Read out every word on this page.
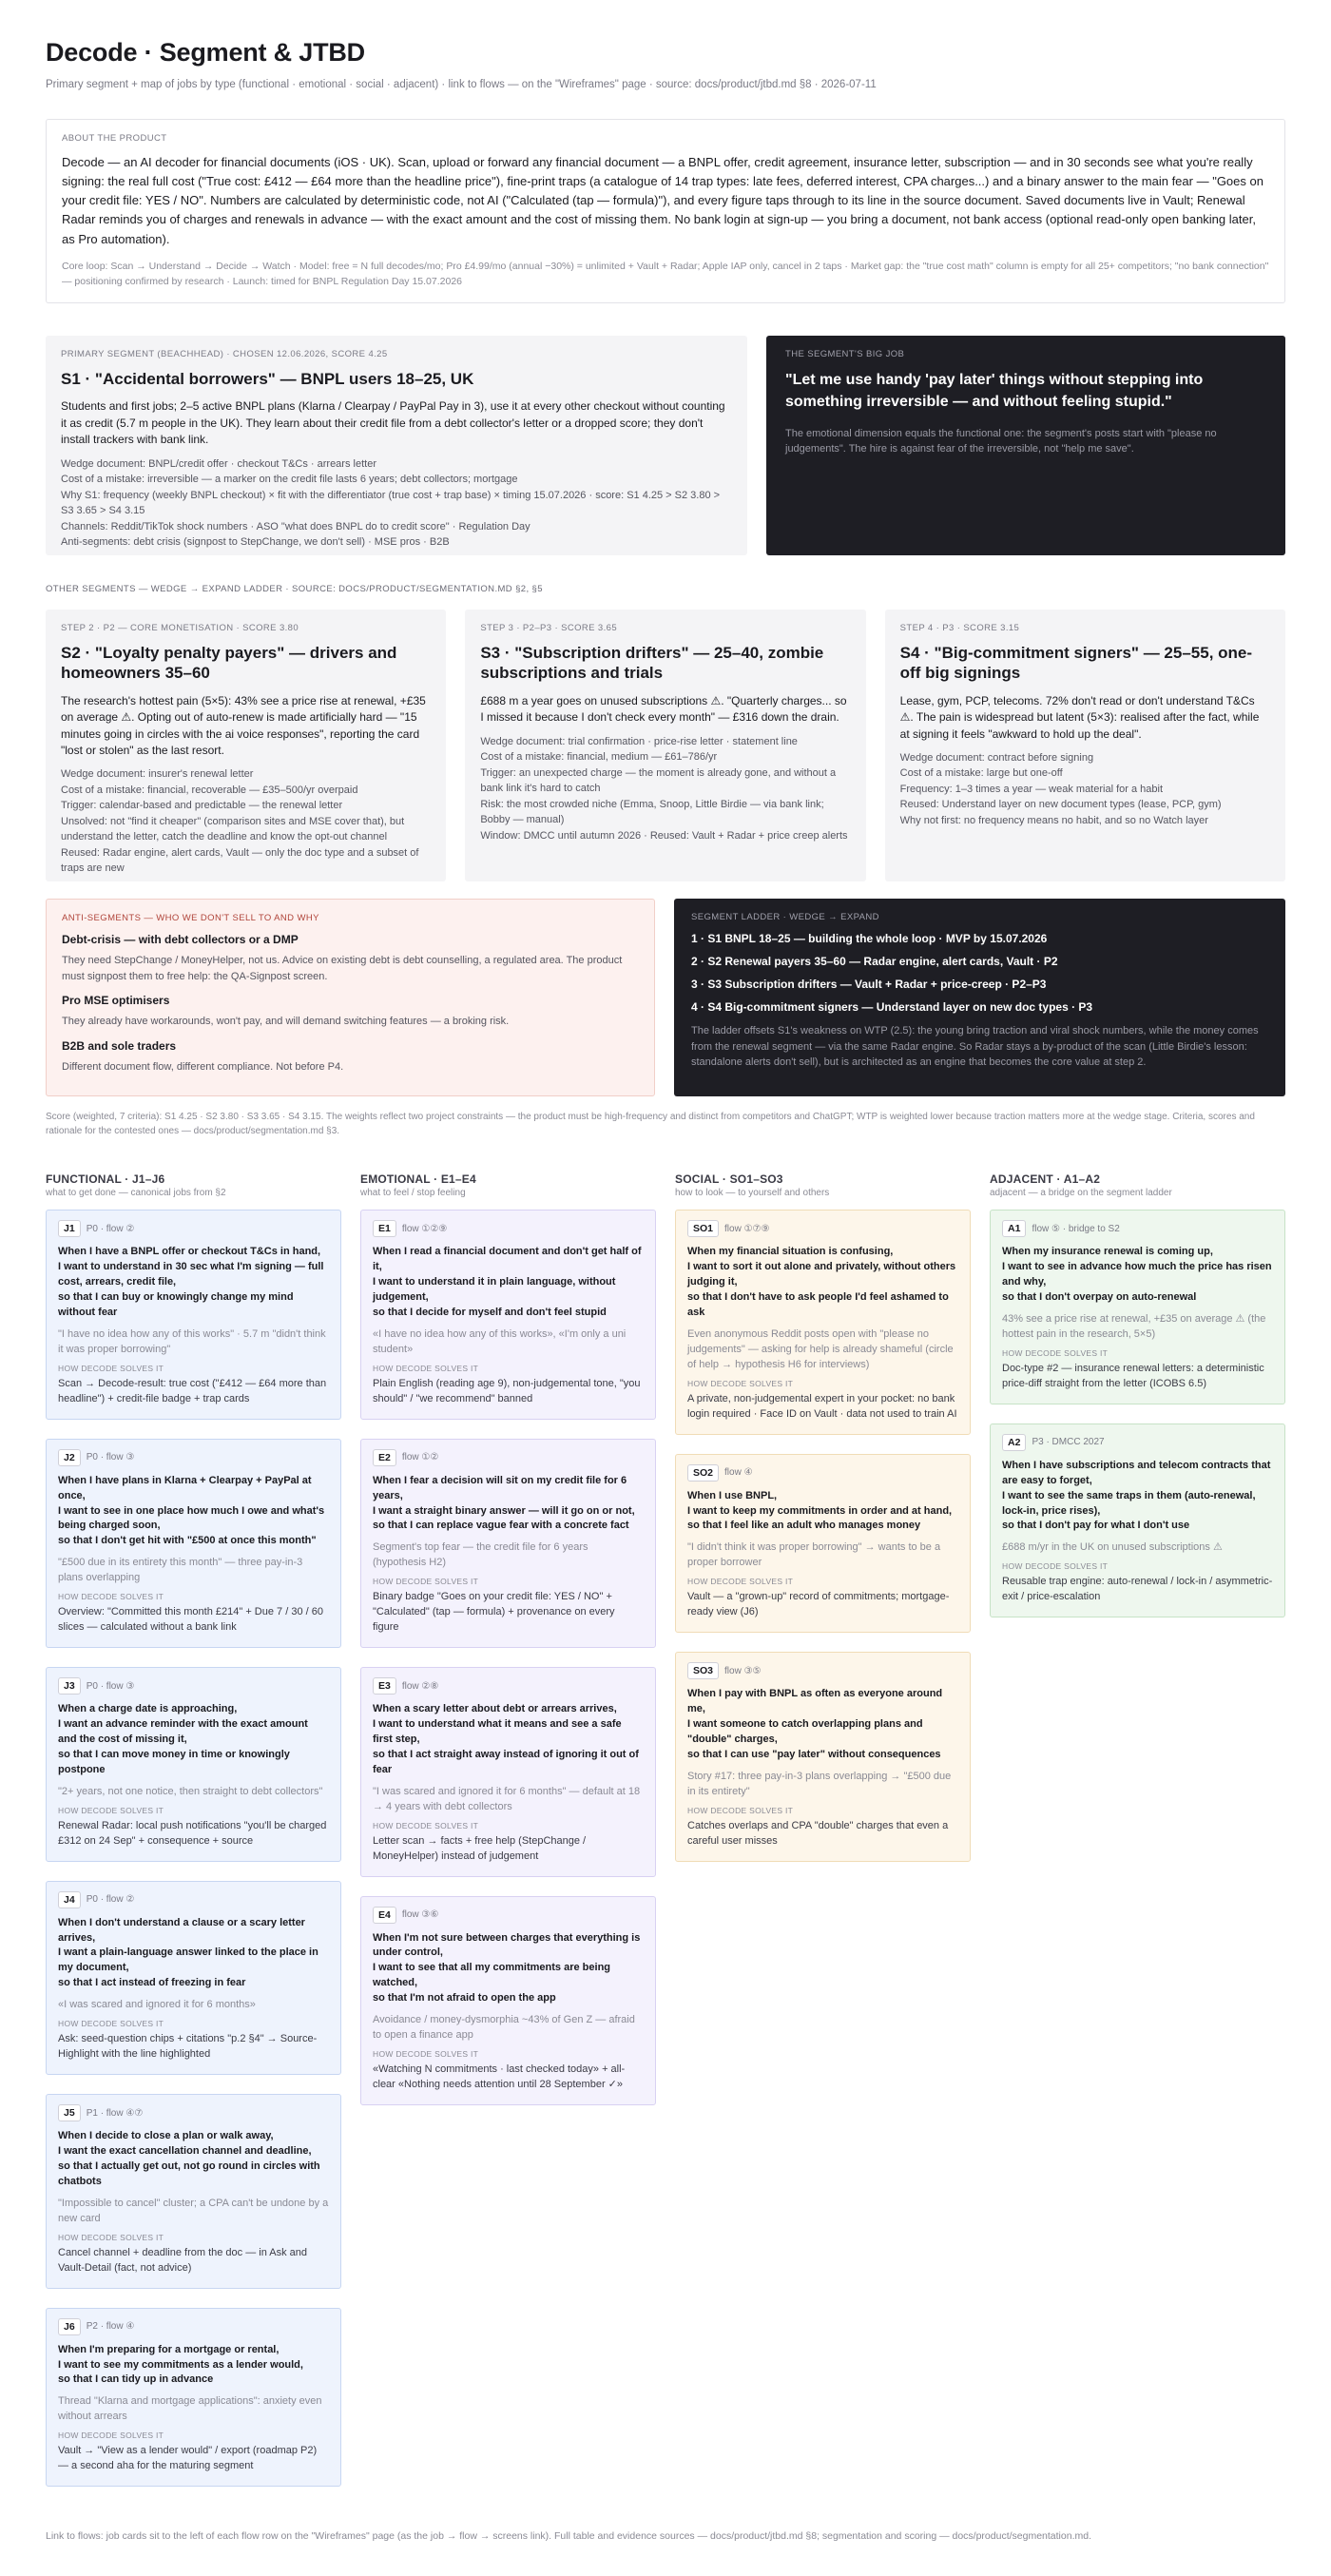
Decode · Segment & JTBD
Primary segment + map of jobs by type (functional · emotional · social · adjacent) · link to flows — on the "Wireframes" page · source: docs/product/jtbd.md §8 · 2026-07-11
ABOUT THE PRODUCT
Decode — an AI decoder for financial documents (iOS · UK). Scan, upload or forward any financial document — a BNPL offer, credit agreement, insurance letter, subscription — and in 30 seconds see what you're really signing: the real full cost ("True cost: £412 — £64 more than the headline price"), fine-print traps (a catalogue of 14 trap types: late fees, deferred interest, CPA charges...) and a binary answer to the main fear — "Goes on your credit file: YES / NO". Numbers are calculated by deterministic code, not AI ("Calculated (tap — formula)"), and every figure taps through to its line in the source document. Saved documents live in Vault; Renewal Radar reminds you of charges and renewals in advance — with the exact amount and the cost of missing them. No bank login at sign-up — you bring a document, not bank access (optional read-only open banking later, as Pro automation).
Core loop: Scan → Understand → Decide → Watch · Model: free = N full decodes/mo; Pro £4.99/mo (annual −30%) = unlimited + Vault + Radar; Apple IAP only, cancel in 2 taps · Market gap: the "true cost math" column is empty for all 25+ competitors; "no bank connection" — positioning confirmed by research · Launch: timed for BNPL Regulation Day 15.07.2026
PRIMARY SEGMENT (BEACHHEAD) · CHOSEN 12.06.2026, SCORE 4.25
S1 · "Accidental borrowers" — BNPL users 18–25, UK
Students and first jobs; 2–5 active BNPL plans (Klarna / Clearpay / PayPal Pay in 3), use it at every other checkout without counting it as credit (5.7 m people in the UK). They learn about their credit file from a debt collector's letter or a dropped score; they don't install trackers with bank link.
Wedge document: BNPL/credit offer · checkout T&Cs · arrears letter
Cost of a mistake: irreversible — a marker on the credit file lasts 6 years; debt collectors; mortgage
Why S1: frequency (weekly BNPL checkout) × fit with the differentiator (true cost + trap base) × timing 15.07.2026 · score: S1 4.25 > S2 3.80 > S3 3.65 > S4 3.15
Channels: Reddit/TikTok shock numbers · ASO "what does BNPL do to credit score" · Regulation Day
Anti-segments: debt crisis (signpost to StepChange, we don't sell) · MSE pros · B2B
THE SEGMENT'S BIG JOB
"Let me use handy 'pay later' things without stepping into something irreversible — and without feeling stupid."
The emotional dimension equals the functional one: the segment's posts start with "please no judgements". The hire is against fear of the irreversible, not "help me save".
OTHER SEGMENTS — WEDGE → EXPAND LADDER · SOURCE: DOCS/PRODUCT/SEGMENTATION.MD §2, §5
STEP 2 · P2 — CORE MONETISATION · SCORE 3.80
S2 · "Loyalty penalty payers" — drivers and homeowners 35–60
The research's hottest pain (5×5): 43% see a price rise at renewal, +£35 on average ⚠. Opting out of auto-renew is made artificially hard — "15 minutes going in circles with the ai voice responses", reporting the card "lost or stolen" as the last resort.
Wedge document: insurer's renewal letter
Cost of a mistake: financial, recoverable — £35–500/yr overpaid
Trigger: calendar-based and predictable — the renewal letter
Unsolved: not "find it cheaper" (comparison sites and MSE cover that), but understand the letter, catch the deadline and know the opt-out channel
Reused: Radar engine, alert cards, Vault — only the doc type and a subset of traps are new
STEP 3 · P2–P3 · SCORE 3.65
S3 · "Subscription drifters" — 25–40, zombie subscriptions and trials
£688 m a year goes on unused subscriptions ⚠. "Quarterly charges... so I missed it because I don't check every month" — £316 down the drain.
Wedge document: trial confirmation · price-rise letter · statement line
Cost of a mistake: financial, medium — £61–786/yr
Trigger: an unexpected charge — the moment is already gone, and without a bank link it's hard to catch
Risk: the most crowded niche (Emma, Snoop, Little Birdie — via bank link; Bobby — manual)
Window: DMCC until autumn 2026 · Reused: Vault + Radar + price creep alerts
STEP 4 · P3 · SCORE 3.15
S4 · "Big-commitment signers" — 25–55, one-off big signings
Lease, gym, PCP, telecoms. 72% don't read or don't understand T&Cs ⚠. The pain is widespread but latent (5×3): realised after the fact, while at signing it feels "awkward to hold up the deal".
Wedge document: contract before signing
Cost of a mistake: large but one-off
Frequency: 1–3 times a year — weak material for a habit
Reused: Understand layer on new document types (lease, PCP, gym)
Why not first: no frequency means no habit, and so no Watch layer
ANTI-SEGMENTS — WHO WE DON'T SELL TO AND WHY
Debt-crisis — with debt collectors or a DMP
They need StepChange / MoneyHelper, not us. Advice on existing debt is debt counselling, a regulated area. The product must signpost them to free help: the QA-Signpost screen.
Pro MSE optimisers
They already have workarounds, won't pay, and will demand switching features — a broking risk.
B2B and sole traders
Different document flow, different compliance. Not before P4.
SEGMENT LADDER · WEDGE → EXPAND
1 · S1 BNPL 18–25 — building the whole loop · MVP by 15.07.2026
2 · S2 Renewal payers 35–60 — Radar engine, alert cards, Vault · P2
3 · S3 Subscription drifters — Vault + Radar + price-creep · P2–P3
4 · S4 Big-commitment signers — Understand layer on new doc types · P3
The ladder offsets S1's weakness on WTP (2.5): the young bring traction and viral shock numbers, while the money comes from the renewal segment — via the same Radar engine. So Radar stays a by-product of the scan (Little Birdie's lesson: standalone alerts don't sell), but is architected as an engine that becomes the core value at step 2.
Score (weighted, 7 criteria): S1 4.25 · S2 3.80 · S3 3.65 · S4 3.15. The weights reflect two project constraints — the product must be high-frequency and distinct from competitors and ChatGPT; WTP is weighted lower because traction matters more at the wedge stage. Criteria, scores and rationale for the contested ones — docs/product/segmentation.md §3.
FUNCTIONAL · J1–J6
what to get done — canonical jobs from §2
J1	P0 · flow ②
When I have a BNPL offer or checkout T&Cs in hand,
I want to understand in 30 sec what I'm signing — full cost, arrears, credit file,
so that I can buy or knowingly change my mind without fear
"I have no idea how any of this works" · 5.7 m "didn't think it was proper borrowing"
HOW DECODE SOLVES IT
Scan → Decode-result: true cost ("£412 — £64 more than headline") + credit-file badge + trap cards
J2	P0 · flow ③
When I have plans in Klarna + Clearpay + PayPal at once,
I want to see in one place how much I owe and what's being charged soon,
so that I don't get hit with "£500 at once this month"
"£500 due in its entirety this month" — three pay-in-3 plans overlapping
HOW DECODE SOLVES IT
Overview: "Committed this month £214" + Due 7 / 30 / 60 slices — calculated without a bank link
J3	P0 · flow ③
When a charge date is approaching,
I want an advance reminder with the exact amount and the cost of missing it,
so that I can move money in time or knowingly postpone
"2+ years, not one notice, then straight to debt collectors"
HOW DECODE SOLVES IT
Renewal Radar: local push notifications "you'll be charged £312 on 24 Sep" + consequence + source
J4	P0 · flow ②
When I don't understand a clause or a scary letter arrives,
I want a plain-language answer linked to the place in my document,
so that I act instead of freezing in fear
«I was scared and ignored it for 6 months»
HOW DECODE SOLVES IT
Ask: seed-question chips + citations "p.2 §4" → Source-Highlight with the line highlighted
J5	P1 · flow ④⑦
When I decide to close a plan or walk away,
I want the exact cancellation channel and deadline,
so that I actually get out, not go round in circles with chatbots
"Impossible to cancel" cluster; a CPA can't be undone by a new card
HOW DECODE SOLVES IT
Cancel channel + deadline from the doc — in Ask and Vault-Detail (fact, not advice)
J6	P2 · flow ④
When I'm preparing for a mortgage or rental,
I want to see my commitments as a lender would,
so that I can tidy up in advance
Thread "Klarna and mortgage applications": anxiety even without arrears
HOW DECODE SOLVES IT
Vault → "View as a lender would" / export (roadmap P2) — a second aha for the maturing segment
EMOTIONAL · E1–E4
what to feel / stop feeling
E1	flow ①②⑨
When I read a financial document and don't get half of it,
I want to understand it in plain language, without judgement,
so that I decide for myself and don't feel stupid
«I have no idea how any of this works», «I'm only a uni student»
HOW DECODE SOLVES IT
Plain English (reading age 9), non-judgemental tone, "you should" / "we recommend" banned
E2	flow ①②
When I fear a decision will sit on my credit file for 6 years,
I want a straight binary answer — will it go on or not,
so that I can replace vague fear with a concrete fact
Segment's top fear — the credit file for 6 years (hypothesis H2)
HOW DECODE SOLVES IT
Binary badge "Goes on your credit file: YES / NO" + "Calculated" (tap — formula) + provenance on every figure
E3	flow ②⑧
When a scary letter about debt or arrears arrives,
I want to understand what it means and see a safe first step,
so that I act straight away instead of ignoring it out of fear
"I was scared and ignored it for 6 months" — default at 18 → 4 years with debt collectors
HOW DECODE SOLVES IT
Letter scan → facts + free help (StepChange / MoneyHelper) instead of judgement
E4	flow ③⑥
When I'm not sure between charges that everything is under control,
I want to see that all my commitments are being watched,
so that I'm not afraid to open the app
Avoidance / money-dysmorphia ~43% of Gen Z — afraid to open a finance app
HOW DECODE SOLVES IT
«Watching N commitments · last checked today» + all-clear «Nothing needs attention until 28 September ✓»
SOCIAL · SO1–SO3
how to look — to yourself and others
SO1	flow ①⑦⑨
When my financial situation is confusing,
I want to sort it out alone and privately, without others judging it,
so that I don't have to ask people I'd feel ashamed to ask
Even anonymous Reddit posts open with "please no judgements" — asking for help is already shameful (circle of help → hypothesis H6 for interviews)
HOW DECODE SOLVES IT
A private, non-judgemental expert in your pocket: no bank login required · Face ID on Vault · data not used to train AI
SO2	flow ④
When I use BNPL,
I want to keep my commitments in order and at hand,
so that I feel like an adult who manages money
"I didn't think it was proper borrowing" → wants to be a proper borrower
HOW DECODE SOLVES IT
Vault — a "grown-up" record of commitments; mortgage-ready view (J6)
SO3	flow ③⑤
When I pay with BNPL as often as everyone around me,
I want someone to catch overlapping plans and "double" charges,
so that I can use "pay later" without consequences
Story #17: three pay-in-3 plans overlapping → "£500 due in its entirety"
HOW DECODE SOLVES IT
Catches overlaps and CPA "double" charges that even a careful user misses
ADJACENT · A1–A2
adjacent — a bridge on the segment ladder
A1	flow ⑤ · bridge to S2
When my insurance renewal is coming up,
I want to see in advance how much the price has risen and why,
so that I don't overpay on auto-renewal
43% see a price rise at renewal, +£35 on average ⚠ (the hottest pain in the research, 5×5)
HOW DECODE SOLVES IT
Doc-type #2 — insurance renewal letters: a deterministic price-diff straight from the letter (ICOBS 6.5)
A2	P3 · DMCC 2027
When I have subscriptions and telecom contracts that are easy to forget,
I want to see the same traps in them (auto-renewal, lock-in, price rises),
so that I don't pay for what I don't use
£688 m/yr in the UK on unused subscriptions ⚠
HOW DECODE SOLVES IT
Reusable trap engine: auto-renewal / lock-in / asymmetric-exit / price-escalation
Link to flows: job cards sit to the left of each flow row on the "Wireframes" page (as the job → flow → screens link). Full table and evidence sources — docs/product/jtbd.md §8; segmentation and scoring — docs/product/segmentation.md.
